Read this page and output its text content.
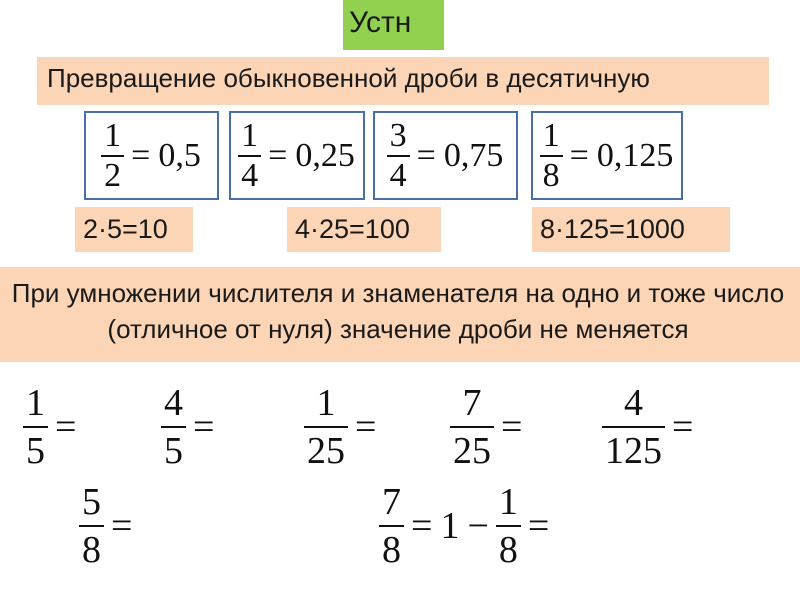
Устн
Превращение обыкновенной дроби в десятичную
$\frac{1}{2} = 0,5 \frac{1}{4} = 0,25 \frac{3}{4} = 0,75 \frac{1}{8} = 0,125$
2·5=10	4·25=100	8·125=1000
При умножении числителя и знаменателя на одно и тоже число (отличное от нуля) значение дроби не меняется
$\frac{1}{5} = \frac{4}{5} = \frac{1}{25} = \frac{7}{25} = \frac{4}{125}$ =
$\frac{5}{8}$ =	$\frac{7}{8} = 1 - \frac{1}{8}$ =
